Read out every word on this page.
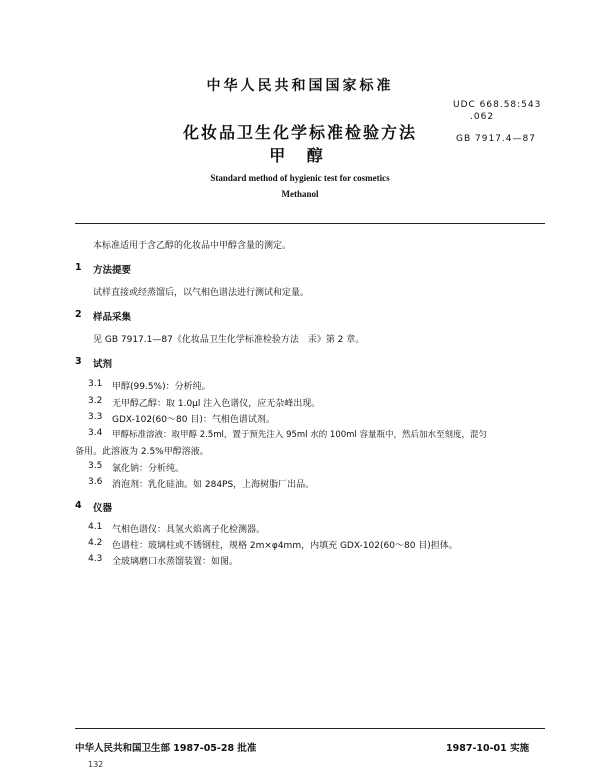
中华人民共和国国家标准
UDC 668.58:543
.062
GB 7917.4—87
化妆品卫生化学标准检验方法
甲 醇
Standard method of hygienic test for cosmetics
Methanol
本标准适用于含乙醇的化妆品中甲醇含量的测定。
1 方法提要
试样直接或经蒸馏后，以气相色谱法进行测试和定量。
2 样品采集
见 GB 7917.1—87《化妆品卫生化学标准检验方法　汞》第 2 章。
3 试剂
3.1 甲醇(99.5%)：分析纯。
3.2 无甲醇乙醇：取 1.0μl 注入色谱仪，应无杂峰出现。
3.3 GDX-102(60～80 目)：气相色谱试剂。
3.4 甲醇标准溶液：取甲醇 2.5ml，置于预先注入 95ml 水的 100ml 容量瓶中，然后加水至刻度，混匀
备用。此溶液为 2.5%甲醇溶液。
3.5 氯化钠：分析纯。
3.6 消泡剂：乳化硅油。如 284PS，上海树脂厂出品。
4 仪器
4.1 气相色谱仪：具氢火焰离子化检测器。
4.2 色谱柱：玻璃柱或不锈钢柱，规格 2m×φ4mm，内填充 GDX-102(60～80 目)担体。
4.3 全玻璃磨口水蒸馏装置：如图。
中华人民共和国卫生部 1987-05-28 批准	1987-10-01 实施
132
